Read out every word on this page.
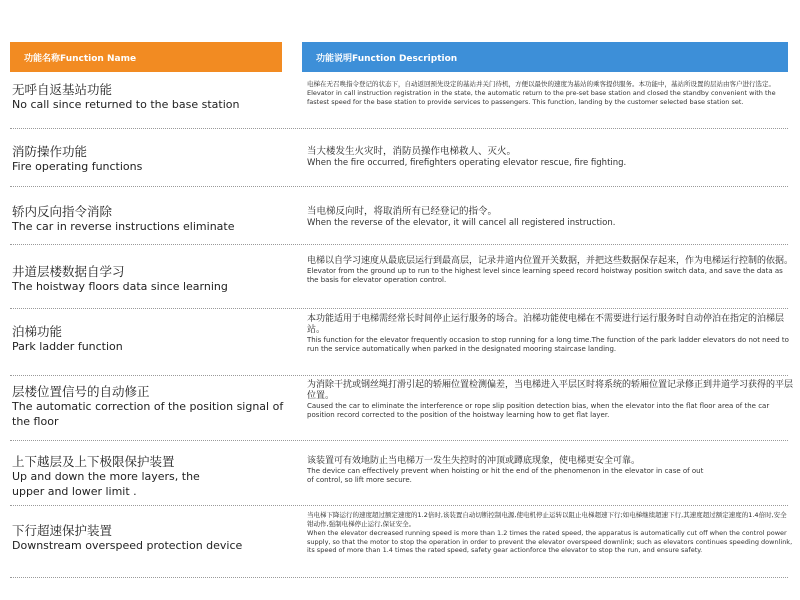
功能名称Function Name	功能说明Function Description
无呼自返基站功能
No call since returned to the base station
电梯在无召唤指令登记的状态下，自动返回预先设定的基站并关门待机，方便以最快的速度为基站的乘客提供服务。本功能中，基站所设置的层站由客户进行选定。
Elevator in call instruction registration in the state, the automatic return to the pre-set base station and closed the standby convenient with the fastest speed for the base station to provide services to passengers. This function, landing by the customer selected base station set.
消防操作功能
Fire operating functions
当大楼发生火灾时，消防员操作电梯救人、灭火。
When the fire occurred, firefighters operating elevator rescue, fire fighting.
轿内反向指令消除
The car in reverse instructions eliminate
当电梯反向时，将取消所有已经登记的指令。
When the reverse of the elevator, it will cancel all registered instruction.
井道层楼数据自学习
The hoistway floors data since learning
电梯以自学习速度从最底层运行到最高层，记录井道内位置开关数据，并把这些数据保存起来，作为电梯运行控制的依据。
Elevator from the ground up to run to the highest level since learning speed record hoistway position switch data, and save the data as the basis for elevator operation control.
泊梯功能
Park ladder function
本功能适用于电梯需经常长时间停止运行服务的场合。泊梯功能使电梯在不需要进行运行服务时自动停泊在指定的泊梯层站。
This function for the elevator frequently occasion to stop running for a long time.The function of the park ladder elevators do not need to run the service automatically when parked in the designated mooring staircase landing.
层楼位置信号的自动修正
The automatic correction of the position signal of the floor
为消除干扰或钢丝绳打滑引起的轿厢位置检测偏差，当电梯进入平层区时将系统的轿厢位置记录修正到井道学习获得的平层位置。
Caused the car to eliminate the interference or rope slip position detection bias, when the elevator into the flat floor area of the car position record corrected to the position of the hoistway learning how to get flat layer.
上下越层及上下极限保护装置
Up and down the more layers, the upper and lower limit .
该装置可有效地防止当电梯万一发生失控时的冲顶或蹲底现象，使电梯更安全可靠。
The device can effectively prevent when hoisting or hit the end of the phenomenon in the elevator in case of out of control, so lift more secure.
下行超速保护装置
Downstream overspeed protection device
当电梯下降运行的速度超过额定速度的1.2倍时,该装置自动切断控制电源,使电机停止运转以阻止电梯超速下行;如电梯继续超速下行,其速度超过额定速度的1.4倍时,安全钳动作,强制电梯停止运行,保证安全。
When the elevator decreased running speed is more than 1.2 times the rated speed, the apparatus is automatically cut off when the control power supply, so that the motor to stop the operation in order to prevent the elevator overspeed downlink; such as elevators continues speeding downlink, its speed of more than 1.4 times the rated speed, safety gear actionforce the elevator to stop the run, and ensure safety.
